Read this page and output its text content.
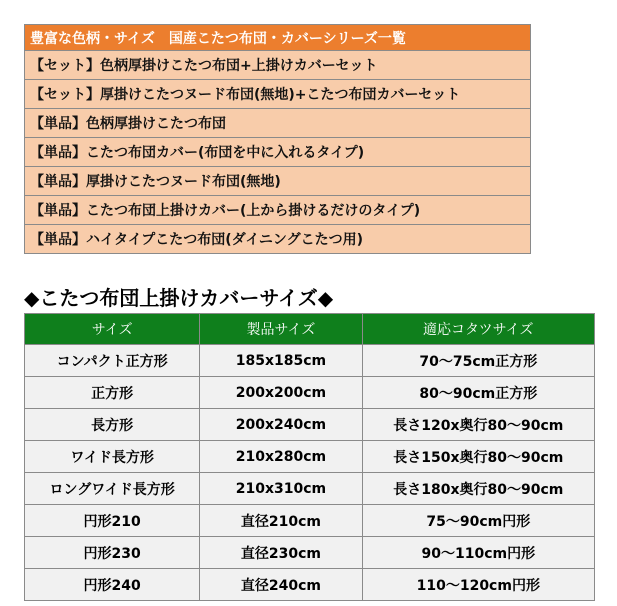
豊富な色柄・サイズ　国産こたつ布団・カバーシリーズ一覧
【セット】色柄厚掛けこたつ布団+上掛けカバーセット
【セット】厚掛けこたつヌード布団(無地)+こたつ布団カバーセット
【単品】色柄厚掛けこたつ布団
【単品】こたつ布団カバー(布団を中に入れるタイプ)
【単品】厚掛けこたつヌード布団(無地)
【単品】こたつ布団上掛けカバー(上から掛けるだけのタイプ)
【単品】ハイタイプこたつ布団(ダイニングこたつ用)
◆こたつ布団上掛けカバーサイズ◆
サイズ	製品サイズ	適応コタツサイズ
コンパクト正方形	185x185cm	70～75cm正方形
正方形	200x200cm	80～90cm正方形
長方形	200x240cm	長さ120x奥行80～90cm
ワイド長方形	210x280cm	長さ150x奥行80～90cm
ロングワイド長方形	210x310cm	長さ180x奥行80～90cm
円形210	直径210cm	75～90cm円形
円形230	直径230cm	90～110cm円形
円形240	直径240cm	110～120cm円形
